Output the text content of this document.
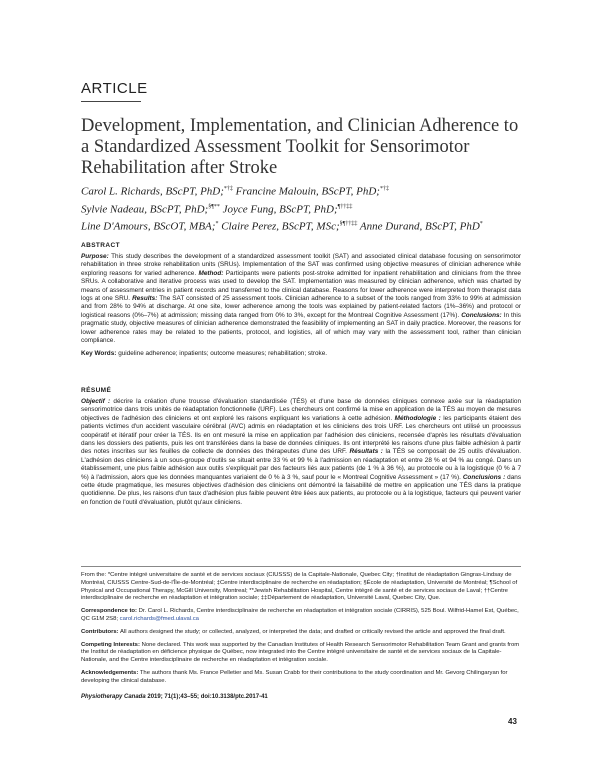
ARTICLE
Development, Implementation, and Clinician Adherence to a Standardized Assessment Toolkit for Sensorimotor Rehabilitation after Stroke
Carol L. Richards, BScPT, PhD;*†‡ Francine Malouin, BScPT, PhD;*†‡
Sylvie Nadeau, BScPT, PhD;§¶** Joyce Fung, BScPT, PhD;¶††‡‡
Line D'Amours, BScOT, MBA;* Claire Perez, BScPT, MSc;§¶††‡‡ Anne Durand, BScPT, PhD*
ABSTRACT
Purpose: This study describes the development of a standardized assessment toolkit (SAT) and associated clinical database focusing on sensorimotor rehabilitation in three stroke rehabilitation units (SRUs). Implementation of the SAT was confirmed using objective measures of clinician adherence while exploring reasons for varied adherence. Method: Participants were patients post-stroke admitted for inpatient rehabilitation and clinicians from the three SRUs. A collaborative and iterative process was used to develop the SAT. Implementation was measured by clinician adherence, which was charted by means of assessment entries in patient records and transferred to the clinical database. Reasons for lower adherence were interpreted from therapist data logs at one SRU. Results: The SAT consisted of 25 assessment tools. Clinician adherence to a subset of the tools ranged from 33% to 99% at admission and from 28% to 94% at discharge. At one site, lower adherence among the tools was explained by patient-related factors (1%–36%) and protocol or logistical reasons (0%–7%) at admission; missing data ranged from 0% to 3%, except for the Montreal Cognitive Assessment (17%). Conclusions: In this pragmatic study, objective measures of clinician adherence demonstrated the feasibility of implementing an SAT in daily practice. Moreover, the reasons for lower adherence rates may be related to the patients, protocol, and logistics, all of which may vary with the assessment tool, rather than clinician compliance.
Key Words: guideline adherence; inpatients; outcome measures; rehabilitation; stroke.
RÉSUMÉ
Objectif : décrire la création d'une trousse d'évaluation standardisée (TÉS) et d'une base de données cliniques connexe axée sur la réadaptation sensorimotrice dans trois unités de réadaptation fonctionnelle (URF). Les chercheurs ont confirmé la mise en application de la TÉS au moyen de mesures objectives de l'adhésion des cliniciens et ont exploré les raisons expliquant les variations à cette adhésion. Méthodologie : les participants étaient des patients victimes d'un accident vasculaire cérébral (AVC) admis en réadaptation et les cliniciens des trois URF. Les chercheurs ont utilisé un processus coopératif et itératif pour créer la TÉS. Ils en ont mesuré la mise en application par l'adhésion des cliniciens, recensée d'après les résultats d'évaluation dans les dossiers des patients, puis les ont transférées dans la base de données cliniques. Ils ont interprété les raisons d'une plus faible adhésion à partir des notes inscrites sur les feuilles de collecte de données des thérapeutes d'une des URF. Résultats : la TÉS se composait de 25 outils d'évaluation. L'adhésion des cliniciens à un sous-groupe d'outils se situait entre 33 % et 99 % à l'admission en réadaptation et entre 28 % et 94 % au congé. Dans un établissement, une plus faible adhésion aux outils s'expliquait par des facteurs liés aux patients (de 1 % à 36 %), au protocole ou à la logistique (0 % à 7 %) à l'admission, alors que les données manquantes variaient de 0 % à 3 %, sauf pour le « Montreal Cognitive Assessment » (17 %). Conclusions : dans cette étude pragmatique, les mesures objectives d'adhésion des cliniciens ont démontré la faisabilité de mettre en application une TÉS dans la pratique quotidienne. De plus, les raisons d'un taux d'adhésion plus faible peuvent être liées aux patients, au protocole ou à la logistique, facteurs qui peuvent varier en fonction de l'outil d'évaluation, plutôt qu'aux cliniciens.
From the: *Centre intégré universitaire de santé et de services sociaux (CIUSSS) de la Capitale-Nationale, Quebec City; †Institut de réadaptation Gingras-Lindsay de Montréal, CIUSSS Centre-Sud-de-l'Île-de-Montréal; ‡Centre interdisciplinaire de recherche en réadaptation; §École de réadaptation, Université de Montréal; ¶School of Physical and Occupational Therapy, McGill University, Montreal; **Jewish Rehabilitation Hospital, Centre intégré de santé et de services sociaux de Laval; ††Centre interdisciplinaire de recherche en réadaptation et intégration sociale; ‡‡Département de réadaptation, Université Laval, Quebec City, Que.
Correspondence to: Dr. Carol L. Richards, Centre interdisciplinaire de recherche en réadaptation et intégration sociale (CIRRIS), 525 Boul. Wilfrid-Hamel Est, Québec, QC G1M 2S8; carol.richards@fmed.ulaval.ca
Contributors: All authors designed the study; or collected, analyzed, or interpreted the data; and drafted or critically revised the article and approved the final draft.
Competing Interests: None declared. This work was supported by the Canadian Institutes of Health Research Sensorimotor Rehabilitation Team Grant and grants from the Institut de réadaptation en déficience physique de Québec, now integrated into the Centre intégré universitaire de santé et de services sociaux de la Capitale-Nationale, and the Centre interdisciplinaire de recherche en réadaptation et intégration sociale.
Acknowledgements: The authors thank Ms. France Pelletier and Ms. Susan Crabb for their contributions to the study coordination and Mr. Gevorg Chilingaryan for developing the clinical database.
Physiotherapy Canada 2019; 71(1);43–55; doi:10.3138/ptc.2017-41
43
